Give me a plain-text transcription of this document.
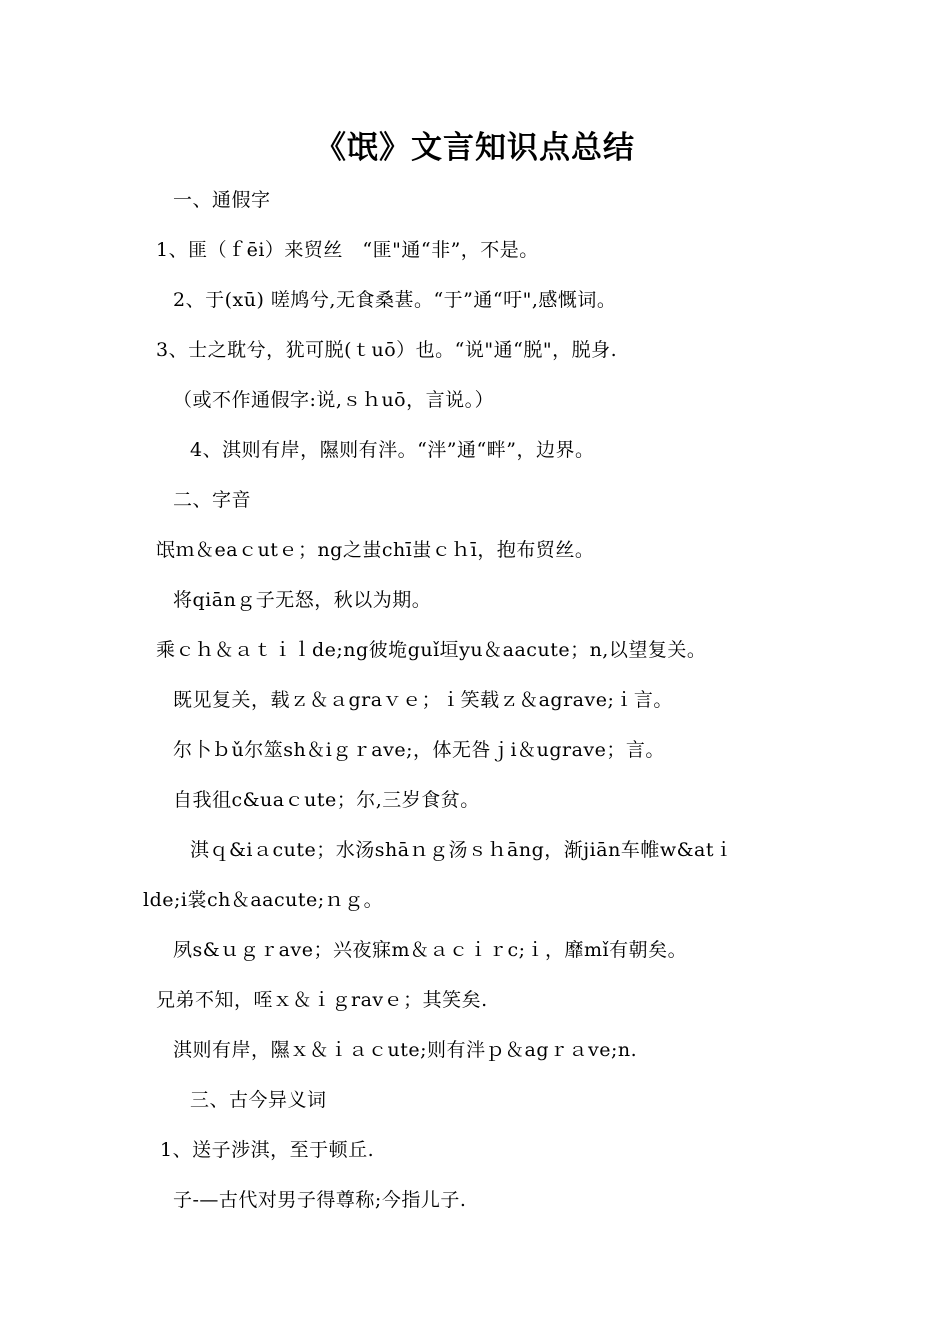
《氓》文言知识点总结
一、通假字
1、匪（ｆēi）来贸丝　“匪"通“非”，不是。
2、于(xū) 嗟鸠兮,无食桑葚。“于”通“吁",感慨词。
3、士之耽兮，犹可脱(ｔuō）也。“说"通“脱"，脱身.
（或不作通假字:说,ｓｈuō，言说。）
4、淇则有岸，隰则有泮。“泮”通“畔”，边界。
二、字音
氓ｍ＆eaｃutｅ；ng之蚩chī蚩ｃｈī，抱布贸丝。
将qiānｇ子无怒，秋以为期。
乘ｃｈ＆ａｔｉｌde;ng彼垝guǐ垣yu＆aacute；n,以望复关。
既见复关，载ｚ＆ａgraｖｅ；ｉ笑载ｚ＆agrave;ｉ言。
尔卜ｂǔ尔筮sh＆iｇｒave;，体无咎ｊi＆ugrave；言。
自我徂c&uaｃute；尔,三岁食贫。
淇ｑ&iａcute；水汤shāｎｇ汤ｓｈāng，渐jiān车帷w&atｉ
lde;i裳ch＆aacute;ｎｇ。
夙s&ｕｇｒave；兴夜寐m＆ａｃｉｒc;ｉ，靡mǐ有朝矣。
兄弟不知，咥ｘ＆ｉｇravｅ；其笑矣.
淇则有岸，隰ｘ＆ｉａｃute;则有泮ｐ＆agｒａve;n.
三、古今异义词
1、送子涉淇，至于顿丘.
子-—古代对男子得尊称;今指儿子.
